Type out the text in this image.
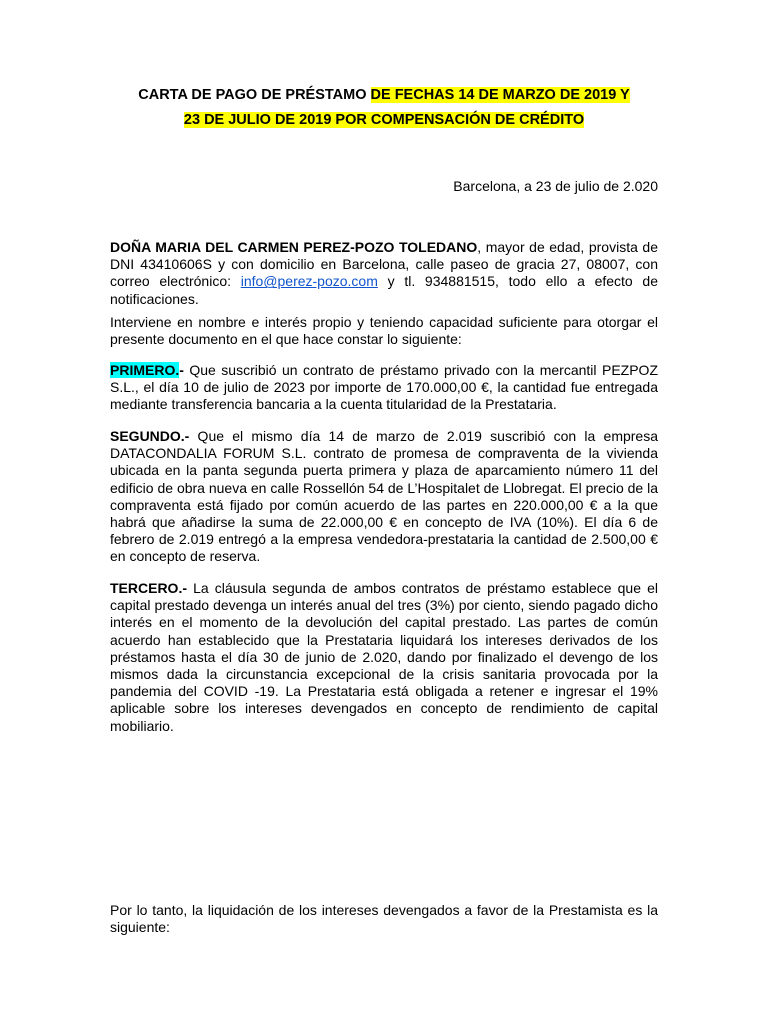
CARTA DE PAGO DE PRÉSTAMO DE FECHAS 14 DE MARZO DE 2019 Y
23 DE JULIO DE 2019 POR COMPENSACIÓN DE CRÉDITO
Barcelona, a 23 de julio de 2.020
DOÑA MARIA DEL CARMEN PEREZ-POZO TOLEDANO, mayor de edad, provista de DNI 43410606S y con domicilio en Barcelona, calle paseo de gracia 27, 08007, con correo electrónico: info@perez-pozo.com y tl. 934881515, todo ello a efecto de notificaciones.
Interviene en nombre e interés propio y teniendo capacidad suficiente para otorgar el presente documento en el que hace constar lo siguiente:
PRIMERO.- Que suscribió un contrato de préstamo privado con la mercantil PEZPOZ S.L., el día 10 de julio de 2023 por importe de 170.000,00 €, la cantidad fue entregada mediante transferencia bancaria a la cuenta titularidad de la Prestataria.
SEGUNDO.- Que el mismo día 14 de marzo de 2.019 suscribió con la empresa DATACONDALIA FORUM S.L. contrato de promesa de compraventa de la vivienda ubicada en la panta segunda puerta primera y plaza de aparcamiento número 11 del edificio de obra nueva en calle Rossellón 54 de L’Hospitalet de Llobregat. El precio de la compraventa está fijado por común acuerdo de las partes en 220.000,00 € a la que habrá que añadirse la suma de 22.000,00 € en concepto de IVA (10%). El día 6 de febrero de 2.019 entregó a la empresa vendedora-prestataria la cantidad de 2.500,00 € en concepto de reserva.
TERCERO.- La cláusula segunda de ambos contratos de préstamo establece que el capital prestado devenga un interés anual del tres (3%) por ciento, siendo pagado dicho interés en el momento de la devolución del capital prestado. Las partes de común acuerdo han establecido que la Prestataria liquidará los intereses derivados de los préstamos hasta el día 30 de junio de 2.020, dando por finalizado el devengo de los mismos dada la circunstancia excepcional de la crisis sanitaria provocada por la pandemia del COVID -19. La Prestataria está obligada a retener e ingresar el 19% aplicable sobre los intereses devengados en concepto de rendimiento de capital mobiliario.
Por lo tanto, la liquidación de los intereses devengados a favor de la Prestamista es la siguiente:
